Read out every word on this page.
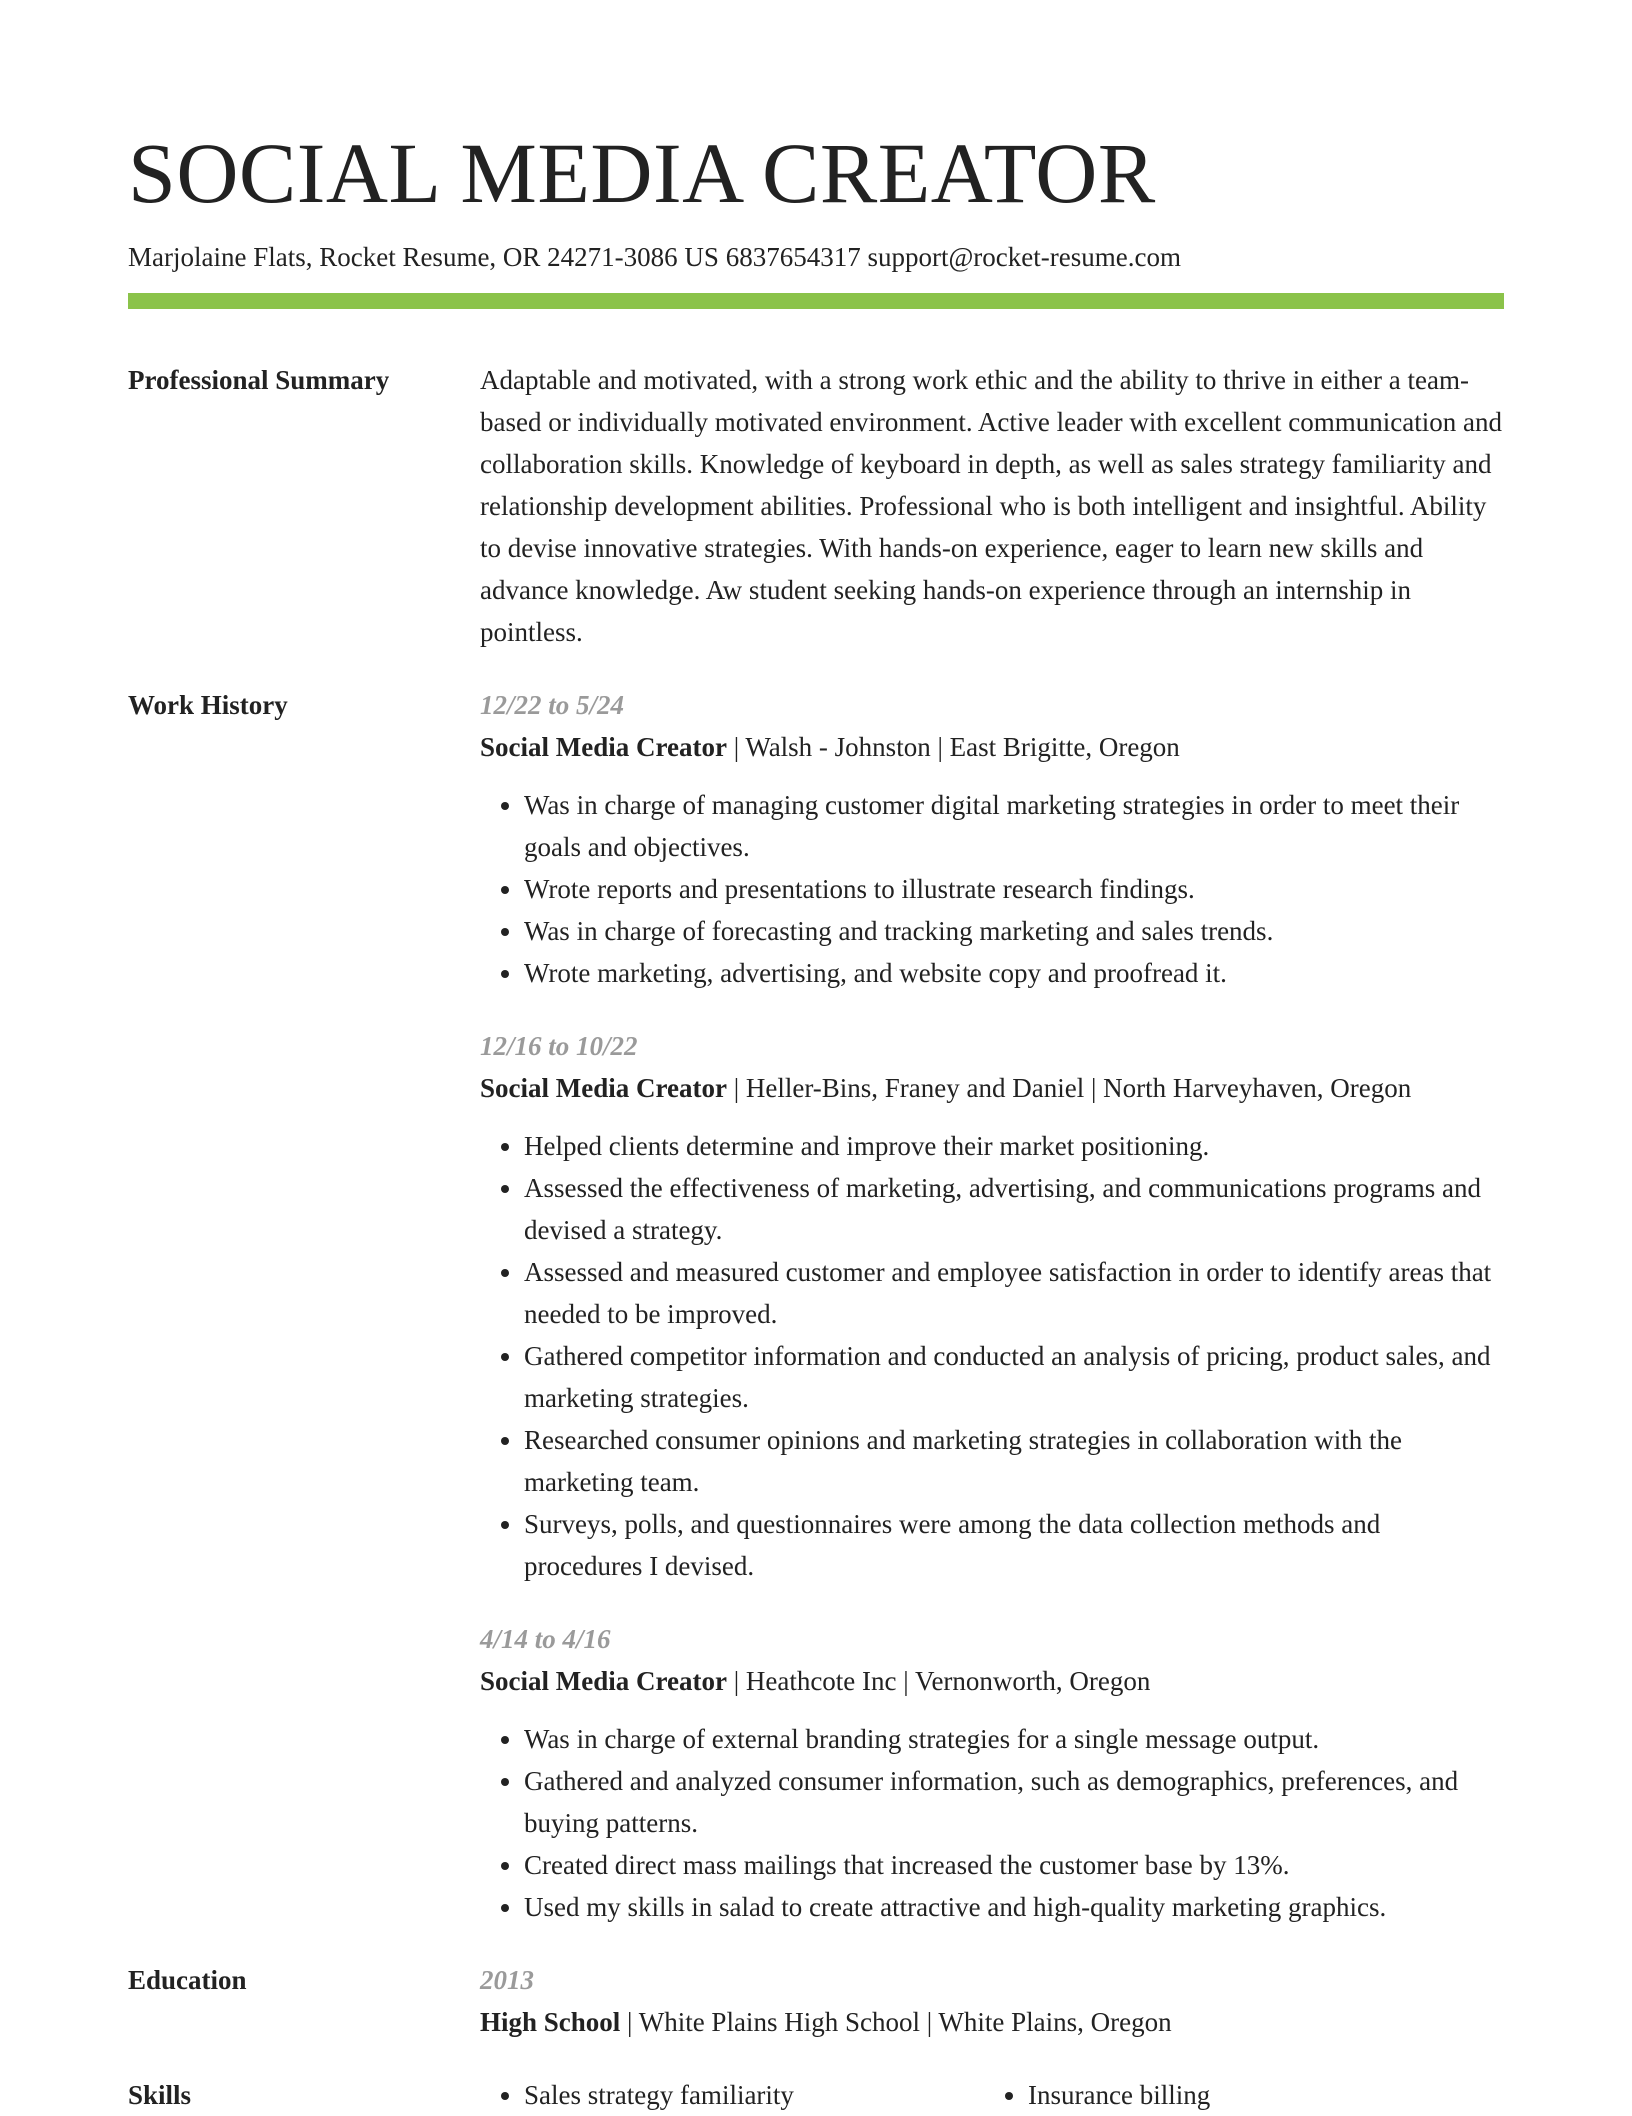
SOCIAL MEDIA CREATOR
Marjolaine Flats, Rocket Resume, OR 24271-3086 US 6837654317 support@rocket-resume.com
Professional Summary	Adaptable and motivated, with a strong work ethic and the ability to thrive in either a team-based or individually motivated environment. Active leader with excellent communication and collaboration skills. Knowledge of keyboard in depth, as well as sales strategy familiarity and relationship development abilities. Professional who is both intelligent and insightful. Ability to devise innovative strategies. With hands-on experience, eager to learn new skills and advance knowledge. Aw student seeking hands-on experience through an internship in pointless.
Work History	12/22 to 5/24
Social Media Creator | Walsh - Johnston | East Brigitte, Oregon
• Was in charge of managing customer digital marketing strategies in order to meet their goals and objectives.
• Wrote reports and presentations to illustrate research findings.
• Was in charge of forecasting and tracking marketing and sales trends.
• Wrote marketing, advertising, and website copy and proofread it.
12/16 to 10/22
Social Media Creator | Heller-Bins, Franey and Daniel | North Harveyhaven, Oregon
• Helped clients determine and improve their market positioning.
• Assessed the effectiveness of marketing, advertising, and communications programs and devised a strategy.
• Assessed and measured customer and employee satisfaction in order to identify areas that needed to be improved.
• Gathered competitor information and conducted an analysis of pricing, product sales, and marketing strategies.
• Researched consumer opinions and marketing strategies in collaboration with the marketing team.
• Surveys, polls, and questionnaires were among the data collection methods and procedures I devised.
4/14 to 4/16
Social Media Creator | Heathcote Inc | Vernonworth, Oregon
• Was in charge of external branding strategies for a single message output.
• Gathered and analyzed consumer information, such as demographics, preferences, and buying patterns.
• Created direct mass mailings that increased the customer base by 13%.
• Used my skills in salad to create attractive and high-quality marketing graphics.
Education	2013
High School | White Plains High School | White Plains, Oregon
Skills	• Sales strategy familiarity	• Insurance billing
